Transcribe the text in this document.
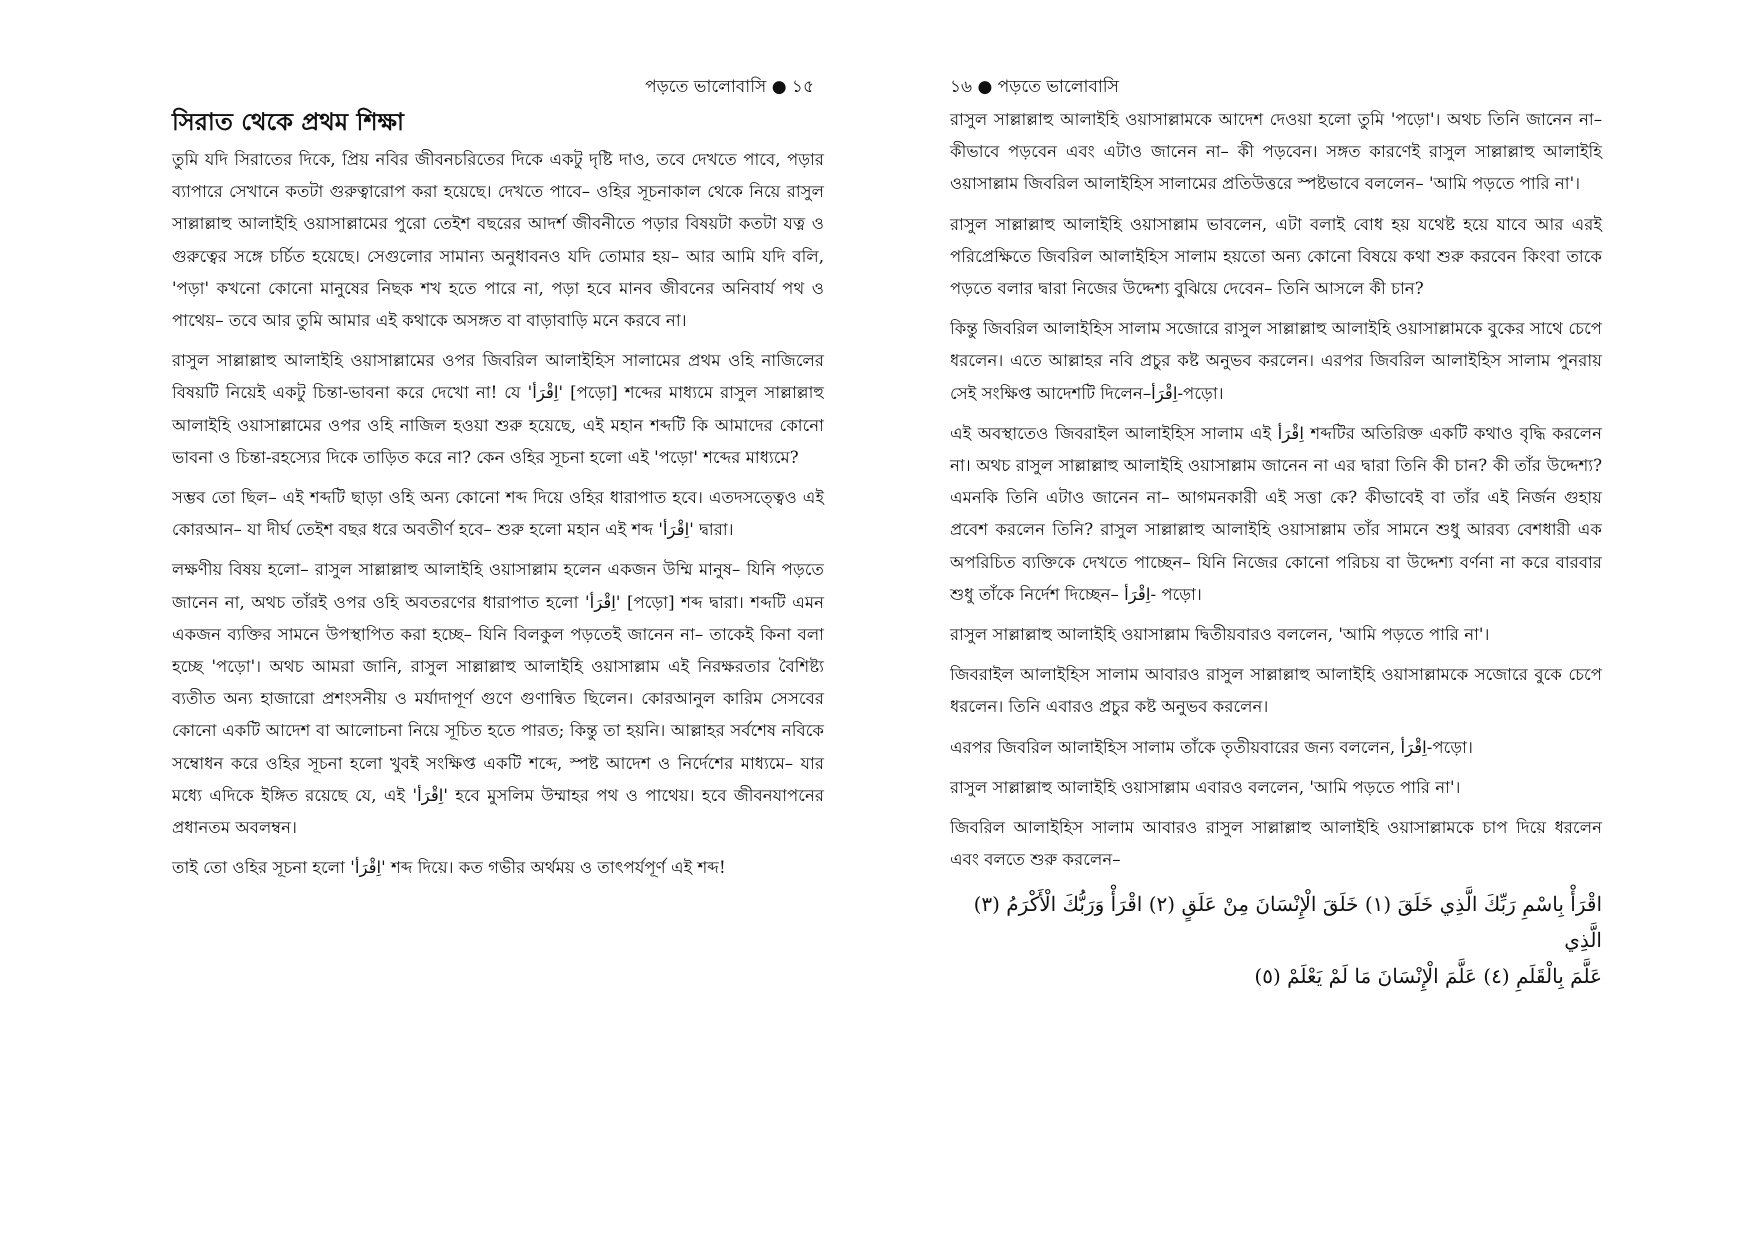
পড়তে ভালোবাসি ● ১৫
সিরাত থেকে প্রথম শিক্ষা

তুমি যদি সিরাতের দিকে, প্রিয় নবির জীবনচরিতের দিকে একটু দৃষ্টি দাও, তবে দেখতে পাবে, পড়ার ব্যাপারে সেখানে কতটা গুরুত্বারোপ করা হয়েছে। দেখতে পাবে– ওহির সূচনাকাল থেকে নিয়ে রাসুল সাল্লাল্লাহু আলাইহি ওয়াসাল্লামের পুরো তেইশ বছরের আদর্শ জীবনীতে পড়ার বিষয়টা কতটা যত্ন ও গুরুত্বের সঙ্গে চর্চিত হয়েছে। সেগুলোর সামান্য অনুধাবনও যদি তোমার হয়– আর আমি যদি বলি, 'পড়া' কখনো কোনো মানুষের নিছক শখ হতে পারে না, পড়া হবে মানব জীবনের অনিবার্য পথ ও পাথেয়– তবে আর তুমি আমার এই কথাকে অসঙ্গত বা বাড়াবাড়ি মনে করবে না।

রাসুল সাল্লাল্লাহু আলাইহি ওয়াসাল্লামের ওপর জিবরিল আলাইহিস সালামের প্রথম ওহি নাজিলের বিষয়টি নিয়েই একটু চিন্তা-ভাবনা করে দেখো না! যে 'اِقْرَأ' [পড়ো] শব্দের মাধ্যমে রাসুল সাল্লাল্লাহু আলাইহি ওয়াসাল্লামের ওপর ওহি নাজিল হওয়া শুরু হয়েছে, এই মহান শব্দটি কি আমাদের কোনো ভাবনা ও চিন্তা-রহস্যের দিকে তাড়িত করে না? কেন ওহির সূচনা হলো এই 'পড়ো' শব্দের মাধ্যমে?

সম্ভব তো ছিল– এই শব্দটি ছাড়া ওহি অন্য কোনো শব্দ দিয়ে ওহির ধারাপাত হবে। এতদসত্ত্বেও এই কোরআন– যা দীর্ঘ তেইশ বছর ধরে অবতীর্ণ হবে– শুরু হলো মহান এই শব্দ 'اِقْرَأ' দ্বারা।

লক্ষণীয় বিষয় হলো– রাসুল সাল্লাল্লাহু আলাইহি ওয়াসাল্লাম হলেন একজন উম্মি মানুষ– যিনি পড়তে জানেন না, অথচ তাঁরই ওপর ওহি অবতরণের ধারাপাত হলো 'اِقْرَأ' [পড়ো] শব্দ দ্বারা। শব্দটি এমন একজন ব্যক্তির সামনে উপস্থাপিত করা হচ্ছে– যিনি বিলকুল পড়তেই জানেন না– তাকেই কিনা বলা হচ্ছে 'পড়ো'। অথচ আমরা জানি, রাসুল সাল্লাল্লাহু আলাইহি ওয়াসাল্লাম এই নিরক্ষরতার বৈশিষ্ট্য ব্যতীত অন্য হাজারো প্রশংসনীয় ও মর্যাদাপূর্ণ গুণে গুণান্বিত ছিলেন। কোরআনুল কারিম সেসবের কোনো একটি আদেশ বা আলোচনা নিয়ে সূচিত হতে পারত; কিন্তু তা হয়নি। আল্লাহর সর্বশেষ নবিকে সম্বোধন করে ওহির সূচনা হলো খুবই সংক্ষিপ্ত একটি শব্দে, স্পষ্ট আদেশ ও নির্দেশের মাধ্যমে– যার মধ্যে এদিকে ইঙ্গিত রয়েছে যে, এই 'اِقْرَأ' হবে মুসলিম উম্মাহর পথ ও পাথেয়। হবে জীবনযাপনের প্রধানতম অবলম্বন।

তাই তো ওহির সূচনা হলো 'اِقْرَأ' শব্দ দিয়ে। কত গভীর অর্থময় ও তাৎপর্যপূর্ণ এই শব্দ!

১৬ ● পড়তে ভালোবাসি

রাসুল সাল্লাল্লাহু আলাইহি ওয়াসাল্লামকে আদেশ দেওয়া হলো তুমি 'পড়ো'। অথচ তিনি জানেন না– কীভাবে পড়বেন এবং এটাও জানেন না– কী পড়বেন। সঙ্গত কারণেই রাসুল সাল্লাল্লাহু আলাইহি ওয়াসাল্লাম জিবরিল আলাইহিস সালামের প্রতিউত্তরে স্পষ্টভাবে বললেন– 'আমি পড়তে পারি না'।

রাসুল সাল্লাল্লাহু আলাইহি ওয়াসাল্লাম ভাবলেন, এটা বলাই বোধ হয় যথেষ্ট হয়ে যাবে আর এরই পরিপ্রেক্ষিতে জিবরিল আলাইহিস সালাম হয়তো অন্য কোনো বিষয়ে কথা শুরু করবেন কিংবা তাকে পড়তে বলার দ্বারা নিজের উদ্দেশ্য বুঝিয়ে দেবেন– তিনি আসলে কী চান?

কিন্তু জিবরিল আলাইহিস সালাম সজোরে রাসুল সাল্লাল্লাহু আলাইহি ওয়াসাল্লামকে বুকের সাথে চেপে ধরলেন। এতে আল্লাহর নবি প্রচুর কষ্ট অনুভব করলেন। এরপর জিবরিল আলাইহিস সালাম পুনরায় সেই সংক্ষিপ্ত আদেশটি দিলেন–اِقْرَأ-পড়ো।

এই অবস্থাতেও জিবরাইল আলাইহিস সালাম এই اِقْرَأ শব্দটির অতিরিক্ত একটি কথাও বৃদ্ধি করলেন না। অথচ রাসুল সাল্লাল্লাহু আলাইহি ওয়াসাল্লাম জানেন না এর দ্বারা তিনি কী চান? কী তাঁর উদ্দেশ্য? এমনকি তিনি এটাও জানেন না– আগমনকারী এই সত্তা কে? কীভাবেই বা তাঁর এই নির্জন গুহায় প্রবেশ করলেন তিনি? রাসুল সাল্লাল্লাহু আলাইহি ওয়াসাল্লাম তাঁর সামনে শুধু আরব্য বেশধারী এক অপরিচিত ব্যক্তিকে দেখতে পাচ্ছেন– যিনি নিজের কোনো পরিচয় বা উদ্দেশ্য বর্ণনা না করে বারবার শুধু তাঁকে নির্দেশ দিচ্ছেন– اِقْرَأ- পড়ো।

রাসুল সাল্লাল্লাহু আলাইহি ওয়াসাল্লাম দ্বিতীয়বারও বললেন, 'আমি পড়তে পারি না'।

জিবরাইল আলাইহিস সালাম আবারও রাসুল সাল্লাল্লাহু আলাইহি ওয়াসাল্লামকে সজোরে বুকে চেপে ধরলেন। তিনি এবারও প্রচুর কষ্ট অনুভব করলেন।

এরপর জিবরিল আলাইহিস সালাম তাঁকে তৃতীয়বারের জন্য বললেন, اِقْرَأ-পড়ো।

রাসুল সাল্লাল্লাহু আলাইহি ওয়াসাল্লাম এবারও বললেন, 'আমি পড়তে পারি না'।

জিবরিল আলাইহিস সালাম আবারও রাসুল সাল্লাল্লাহু আলাইহি ওয়াসাল্লামকে চাপ দিয়ে ধরলেন এবং বলতে শুরু করলেন–

اقْرَأْ بِاسْمِ رَبِّكَ الَّذِي خَلَقَ (١) خَلَقَ الْإِنْسَانَ مِنْ عَلَقٍ (٢) اقْرَأْ وَرَبُّكَ الْأَكْرَمُ (٣) الَّذِي
عَلَّمَ بِالْقَلَمِ (٤) عَلَّمَ الْإِنْسَانَ مَا لَمْ يَعْلَمْ (٥)
